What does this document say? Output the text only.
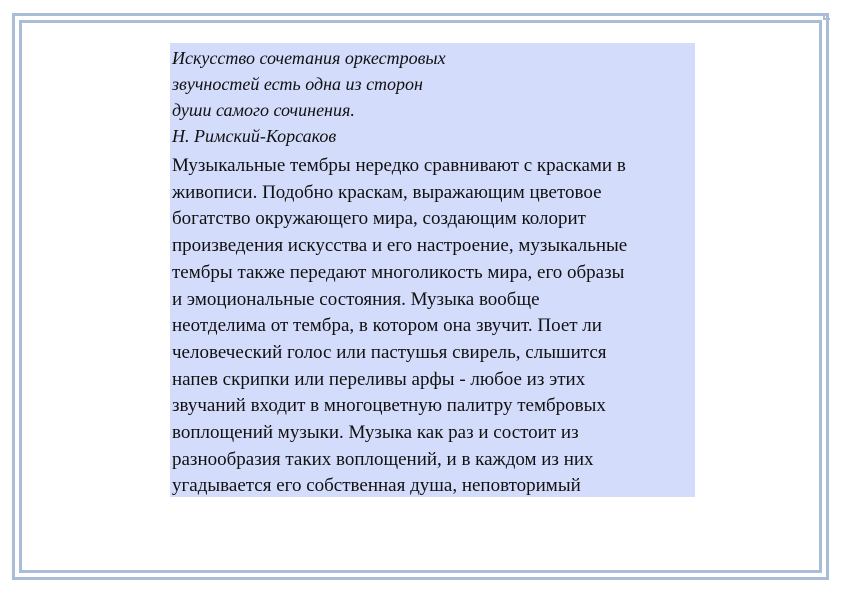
Искусство сочетания оркестровых
звучностей есть одна из сторон
души самого сочинения.
Н. Римский-Корсаков

Музыкальные тембры нередко сравнивают с красками в
живописи. Подобно краскам, выражающим цветовое
богатство окружающего мира, создающим колорит
произведения искусства и его настроение, музыкальные
тембры также передают многоликость мира, его образы
и эмоциональные состояния. Музыка вообще
неотделима от тембра, в котором она звучит. Поет ли
человеческий голос или пастушья свирель, слышится
напев скрипки или переливы арфы - любое из этих
звучаний входит в многоцветную палитру тембровых
воплощений музыки. Музыка как раз и состоит из
разнообразия таких воплощений, и в каждом из них
угадывается его собственная душа, неповторимый
